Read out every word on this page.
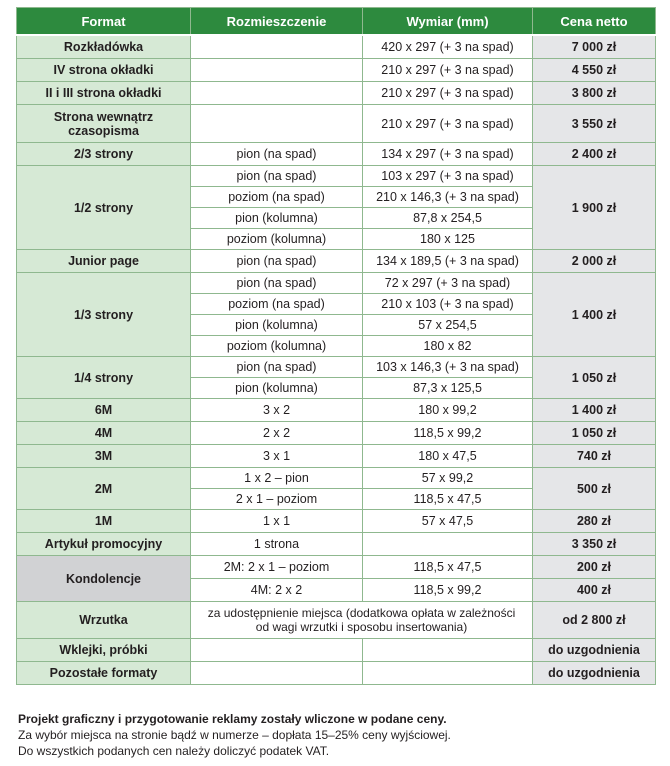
Format	Rozmieszczenie	Wymiar (mm)	Cena netto
Rozkładówka		420 x 297 (+ 3 na spad)	7 000 zł
IV strona okładki		210 x 297 (+ 3 na spad)	4 550 zł
II i III strona okładki		210 x 297 (+ 3 na spad)	3 800 zł

Strona wewnątrz
czasopisma		210 x 297 (+ 3 na spad)	3 550 zł
2/3 strony	pion (na spad)	134 x 297 (+ 3 na spad)	2 400 zł
1/2 strony	pion (na spad)	103 x 297 (+ 3 na spad)	1 900 zł
	poziom (na spad)	210 x 146,3 (+ 3 na spad)	
	pion (kolumna)	87,8 x 254,5	
	poziom (kolumna)	180 x 125	
Junior page	pion (na spad)	134 x 189,5 (+ 3 na spad)	2 000 zł
1/3 strony	pion (na spad)	72 x 297 (+ 3 na spad)	1 400 zł
	poziom (na spad)	210 x 103 (+ 3 na spad)	
	pion (kolumna)	57 x 254,5	
	poziom (kolumna)	180 x 82	
1/4 strony	pion (na spad)	103 x 146,3 (+ 3 na spad)	1 050 zł
	pion (kolumna)	87,3 x 125,5	
6M	3 x 2	180 x 99,2	1 400 zł
4M	2 x 2	118,5 x 99,2	1 050 zł
3M	3 x 1	180 x 47,5	740 zł
2M	1 x 2 – pion	57 x 99,2	500 zł
	2 x 1 – poziom	118,5 x 47,5	
1M	1 x 1	57 x 47,5	280 zł
Artykuł promocyjny	1 strona		3 350 zł
Kondolencje	2M: 2 x 1 – poziom	118,5 x 47,5	200 zł
	4M: 2 x 2	118,5 x 99,2	400 zł
Wrzutka	za udostępnienie miejsca (dodatkowa opłata w zależności
od wagi wrzutki i sposobu insertowania)		od 2 800 zł
Wklejki, próbki			do uzgodnienia
Pozostałe formaty			do uzgodnienia
Projekt graficzny i przygotowanie reklamy zostały wliczone w podane ceny.
Za wybór miejsca na stronie bądź w numerze – dopłata 15–25% ceny wyjściowej.
Do wszystkich podanych cen należy doliczyć podatek VAT.
